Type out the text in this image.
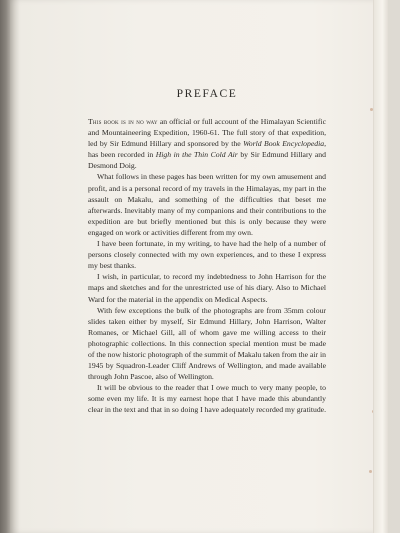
PREFACE

This book is in no way an official or full account of the Himalayan Scientific and Mountaineering Expedition, 1960-61. The full story of that expedition, led by Sir Edmund Hillary and sponsored by the World Book Encyclopedia, has been recorded in High in the Thin Cold Air by Sir Edmund Hillary and Desmond Doig.

What follows in these pages has been written for my own amusement and profit, and is a personal record of my travels in the Himalayas, my part in the assault on Makalu, and something of the difficulties that beset me afterwards. Inevitably many of my companions and their contributions to the expedition are but briefly mentioned but this is only because they were engaged on work or activities different from my own.

I have been fortunate, in my writing, to have had the help of a number of persons closely connected with my own experiences, and to these I express my best thanks.

I wish, in particular, to record my indebtedness to John Harrison for the maps and sketches and for the unrestricted use of his diary. Also to Michael Ward for the material in the appendix on Medical Aspects.

With few exceptions the bulk of the photographs are from 35mm colour slides taken either by myself, Sir Edmund Hillary, John Harrison, Walter Romanes, or Michael Gill, all of whom gave me willing access to their photographic collections. In this connection special mention must be made of the now historic photograph of the summit of Makalu taken from the air in 1945 by Squadron-Leader Cliff Andrews of Wellington, and made available through John Pascoe, also of Wellington.

It will be obvious to the reader that I owe much to very many people, to some even my life. It is my earnest hope that I have made this abundantly clear in the text and that in so doing I have adequately recorded my gratitude.
